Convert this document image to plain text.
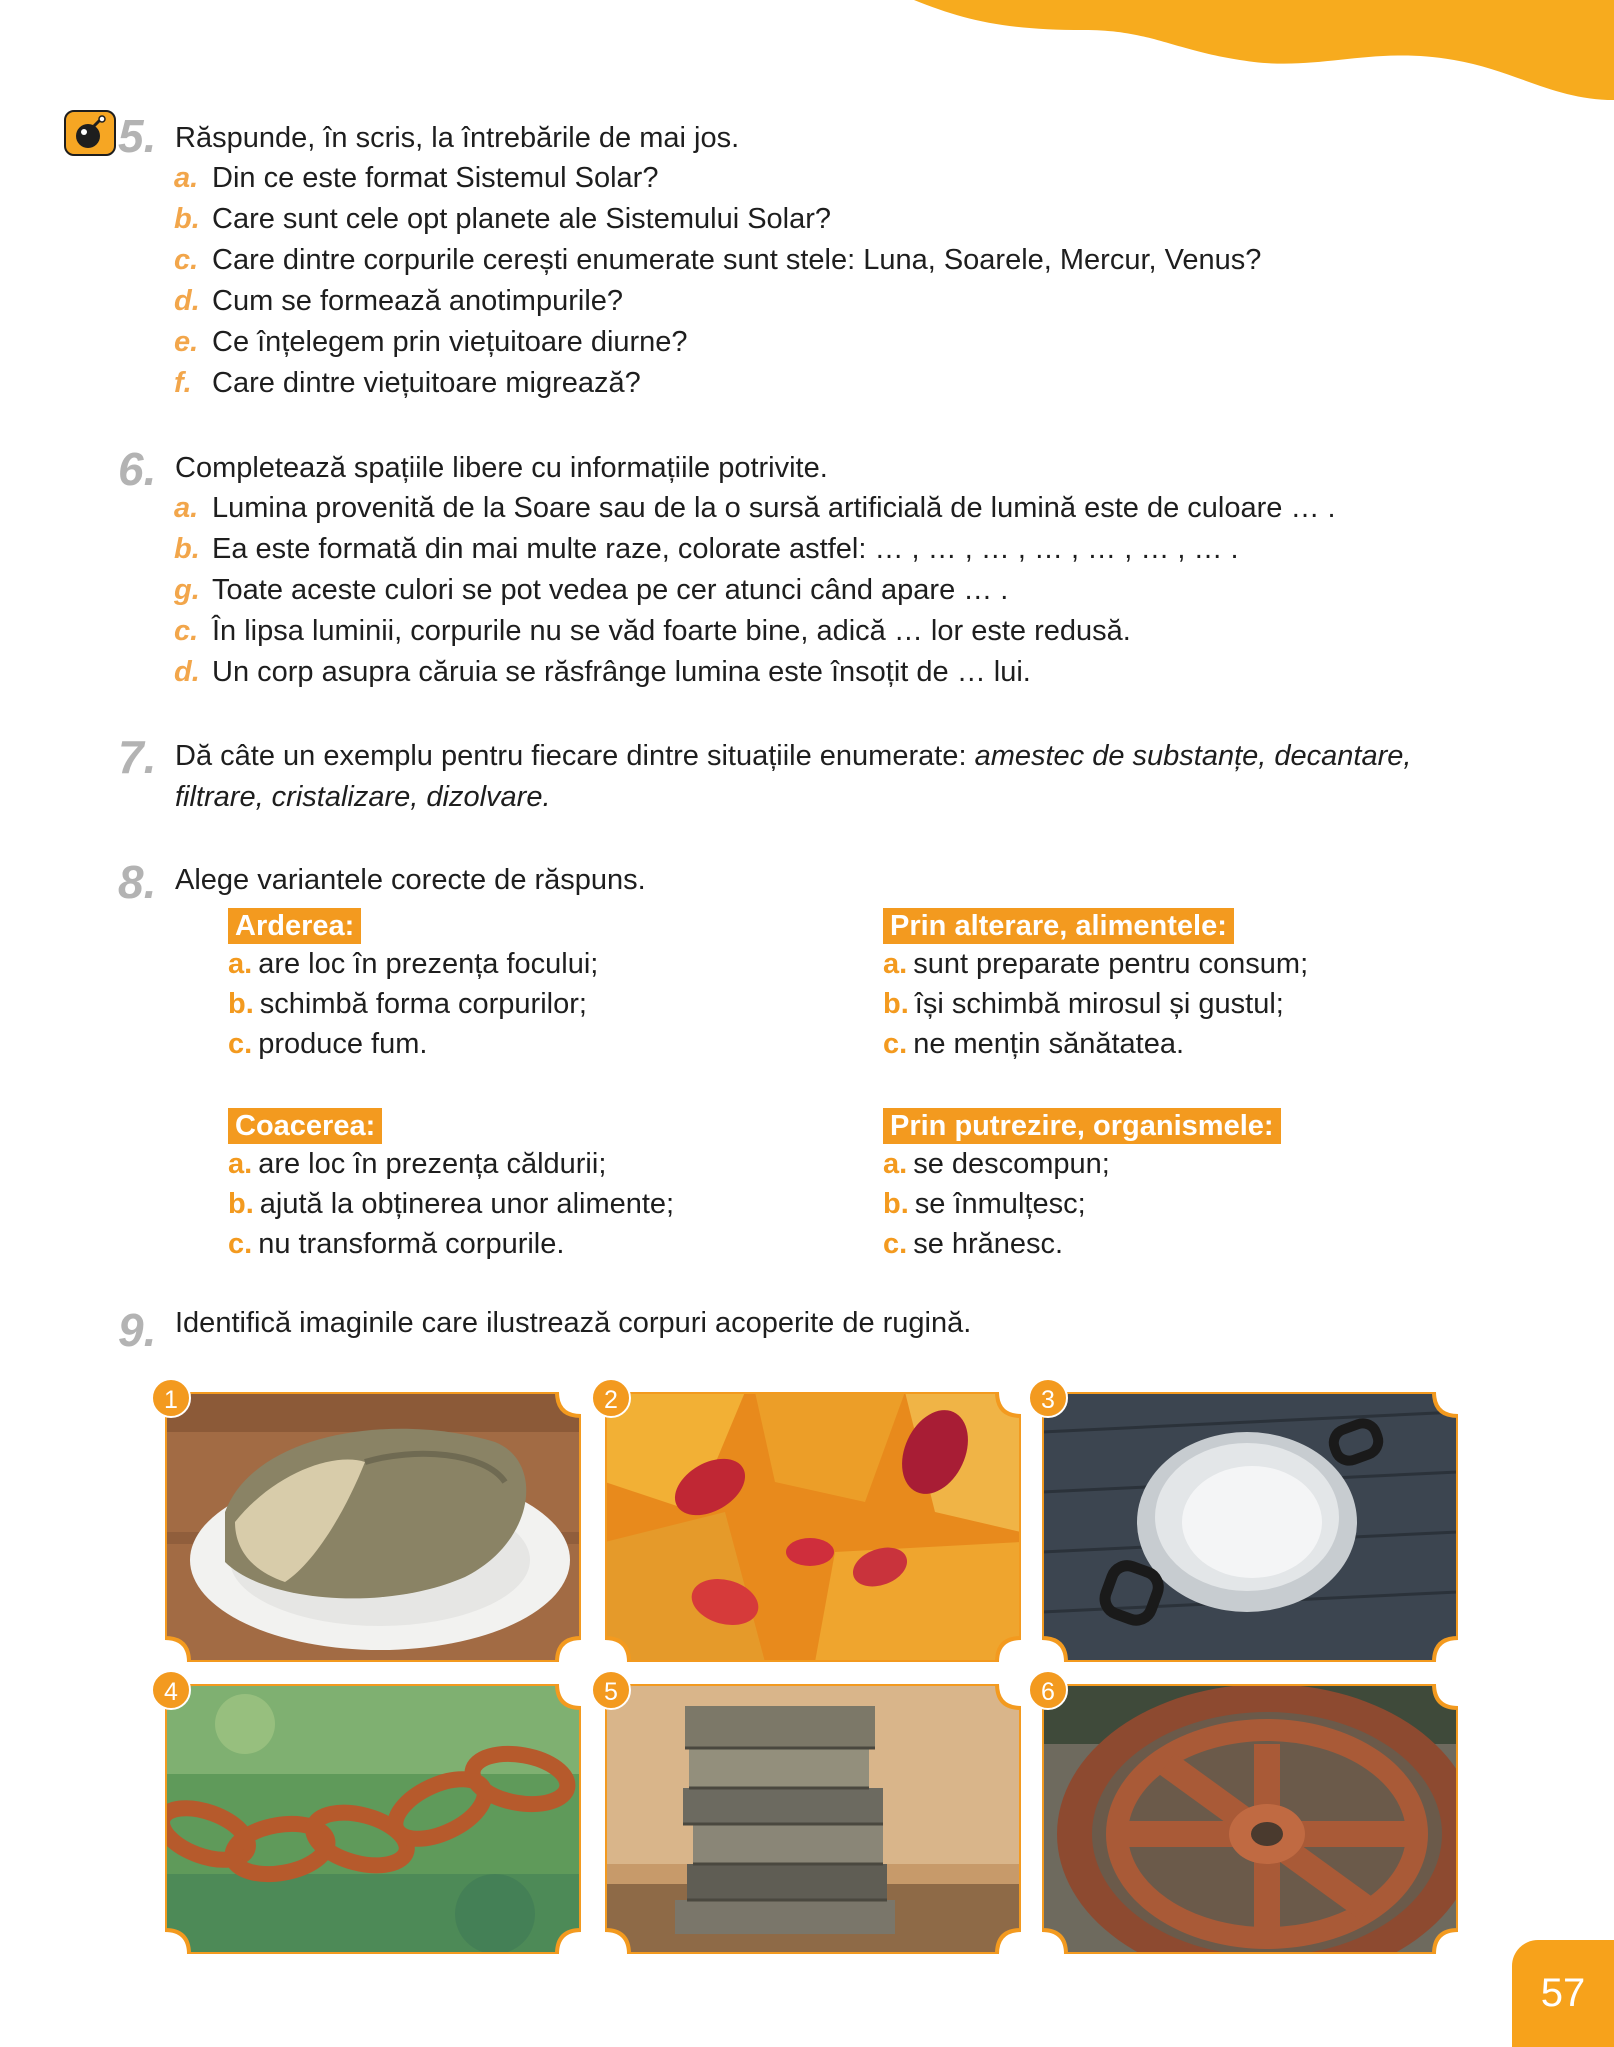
5. Răspunde, în scris, la întrebările de mai jos.
a. Din ce este format Sistemul Solar?
b. Care sunt cele opt planete ale Sistemului Solar?
c. Care dintre corpurile cerești enumerate sunt stele: Luna, Soarele, Mercur, Venus?
d. Cum se formează anotimpurile?
e. Ce înțelegem prin viețuitoare diurne?
f. Care dintre viețuitoare migrează?
6. Completează spațiile libere cu informațiile potrivite.
a. Lumina provenită de la Soare sau de la o sursă artificială de lumină este de culoare … .
b. Ea este formată din mai multe raze, colorate astfel: … , … , … , … , … , … , … .
g. Toate aceste culori se pot vedea pe cer atunci când apare … .
c. În lipsa luminii, corpurile nu se văd foarte bine, adică … lor este redusă.
d. Un corp asupra căruia se răsfrânge lumina este însoțit de … lui.
7. Dă câte un exemplu pentru fiecare dintre situațiile enumerate: amestec de substanțe, decantare,
filtrare, cristalizare, dizolvare.
8. Alege variantele corecte de răspuns.
Arderea:
a. are loc în prezența focului;
b. schimbă forma corpurilor;
c. produce fum.
Prin alterare, alimentele:
a. sunt preparate pentru consum;
b. își schimbă mirosul și gustul;
c. ne mențin sănătatea.
Coacerea:
a. are loc în prezența căldurii;
b. ajută la obținerea unor alimente;
c. nu transformă corpurile.
Prin putrezire, organismele:
a. se descompun;
b. se înmulțesc;
c. se hrănesc.
9. Identifică imaginile care ilustrează corpuri acoperite de rugină.
1	2	3
4	5	6
57
